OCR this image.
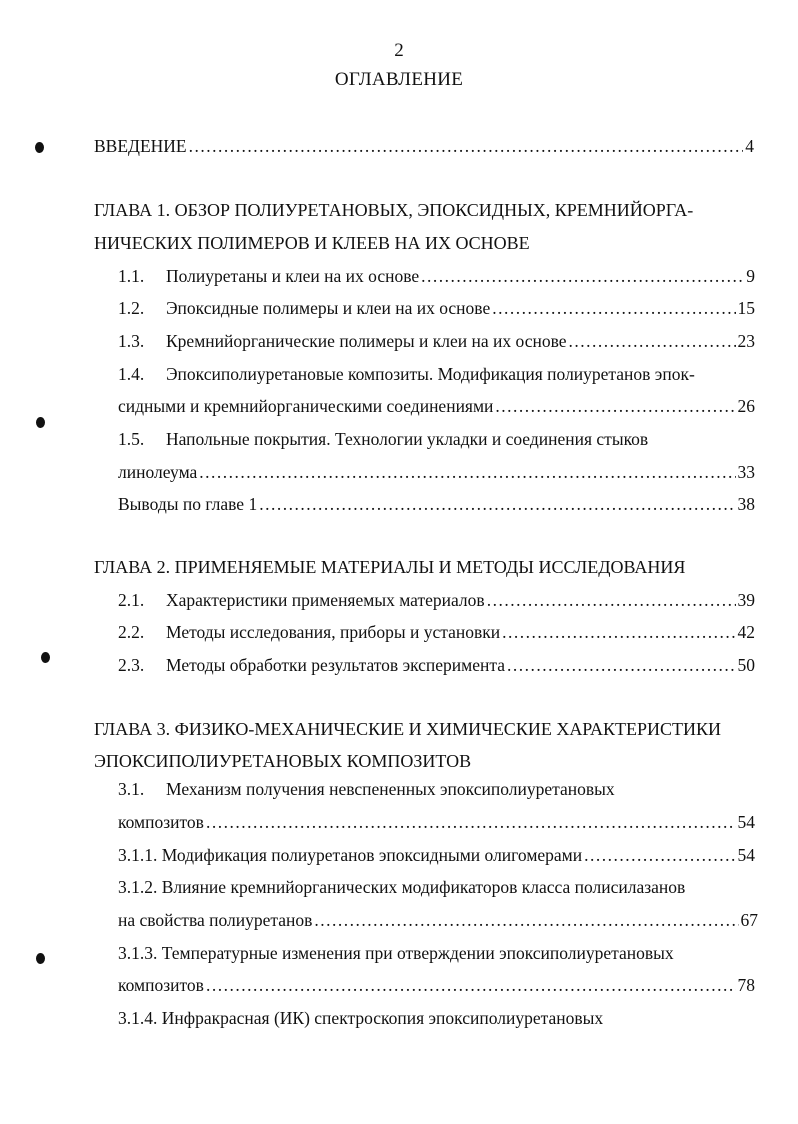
2
ОГЛАВЛЕНИЕ
ВВЕДЕНИЕ .....	4
ГЛАВА 1. ОБЗОР ПОЛИУРЕТАНОВЫХ, ЭПОКСИДНЫХ, КРЕМНИЙОРГА-
НИЧЕСКИХ ПОЛИМЕРОВ И КЛЕЕВ НА ИХ ОСНОВЕ
1.1.	Полиуретаны и клеи на их основе .....	9
1.2.	Эпоксидные полимеры и клеи на их основе .....	15
1.3.	Кремнийорганические полимеры и клеи на их основе .....	23
1.4.	Эпоксиполиуретановые композиты. Модификация полиуретанов эпок-
сидными и кремнийорганическими соединениями .....	26
1.5.	Напольные покрытия. Технологии укладки и соединения стыков
линолеума .....	33
Выводы по главе 1 .....	38
ГЛАВА 2. ПРИМЕНЯЕМЫЕ МАТЕРИАЛЫ И МЕТОДЫ ИССЛЕДОВАНИЯ
2.1.	Характеристики применяемых материалов .....	39
2.2.	Методы исследования, приборы и установки .....	42
2.3.	Методы обработки результатов эксперимента .....	50
ГЛАВА 3. ФИЗИКО-МЕХАНИЧЕСКИЕ И ХИМИЧЕСКИЕ ХАРАКТЕРИСТИКИ
ЭПОКСИПОЛИУРЕТАНОВЫХ КОМПОЗИТОВ
3.1.	Механизм получения невспененных эпоксиполиуретановых
композитов .....	54
3.1.1. Модификация полиуретанов эпоксидными олигомерами .....	54
3.1.2. Влияние кремнийорганических модификаторов класса полисилазанов
на свойства полиуретанов .....	67
3.1.3. Температурные изменения при отверждении эпоксиполиуретановых
композитов .....	78
3.1.4. Инфракрасная (ИК) спектроскопия эпоксиполиуретановых
